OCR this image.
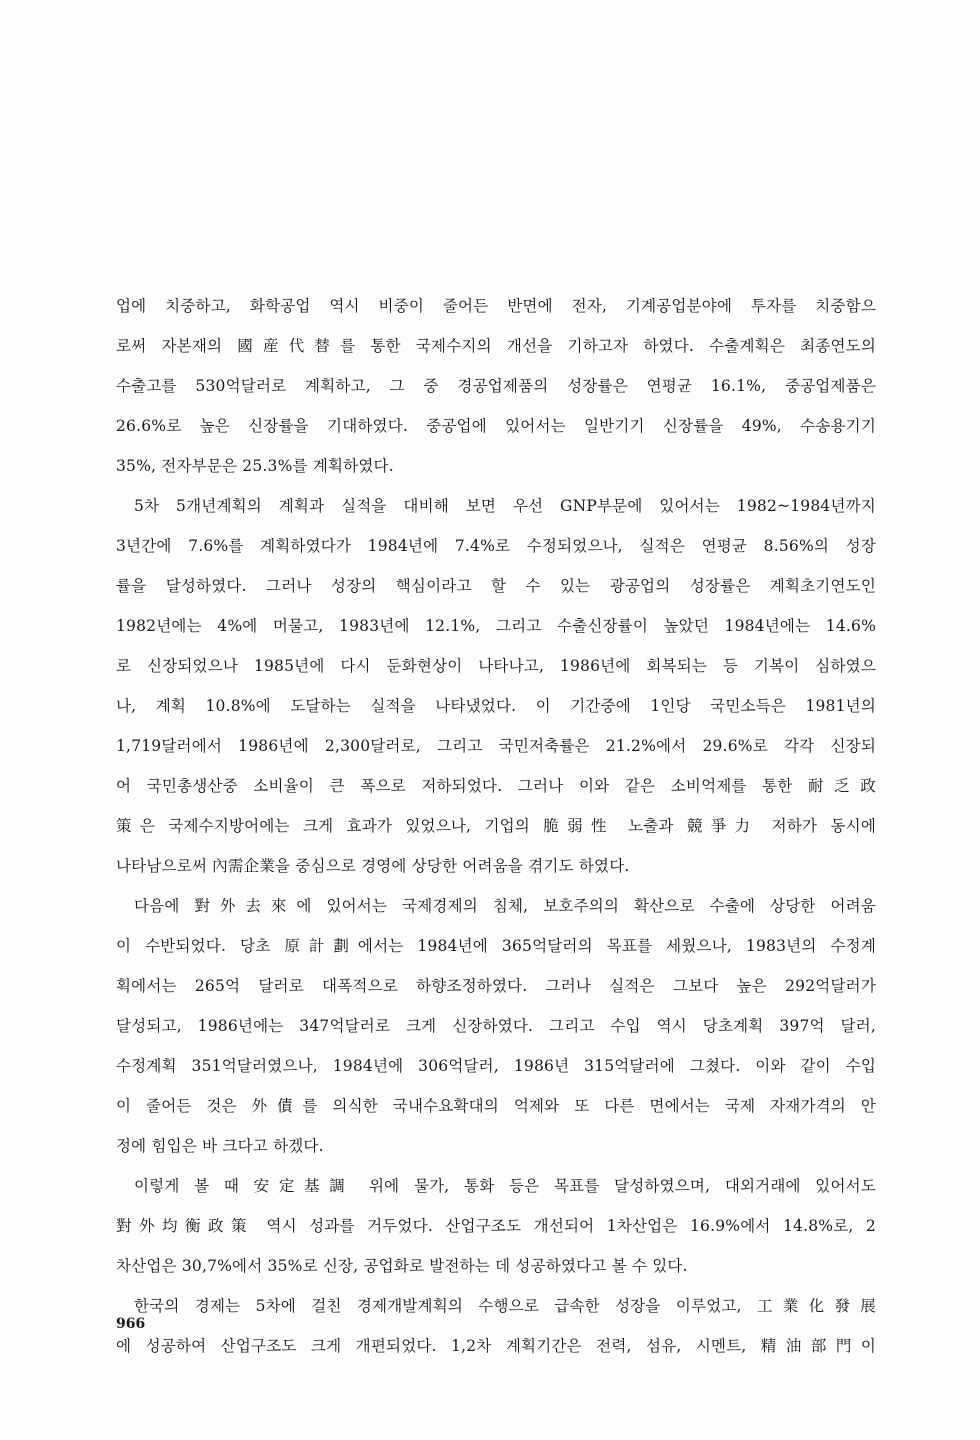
업에 치중하고, 화학공업 역시 비중이 줄어든 반면에 전자, 기계공업분야에 투자를 치중함으
로써 자본재의 國産代替를 통한 국제수지의 개선을 기하고자 하였다. 수출계획은 최종연도의
수출고를 530억달러로 계획하고, 그 중 경공업제품의 성장률은 연평균 16.1%, 중공업제품은
26.6%로 높은 신장률을 기대하였다. 중공업에 있어서는 일반기기 신장률을 49%, 수송용기기
35%, 전자부문은 25.3%를 계획하였다.
5차 5개년계획의 계획과 실적을 대비해 보면 우선 GNP부문에 있어서는 1982~1984년까지
3년간에 7.6%를 계획하였다가 1984년에 7.4%로 수정되었으나, 실적은 연평균 8.56%의 성장
률을 달성하였다. 그러나 성장의 핵심이라고 할 수 있는 광공업의 성장률은 계획초기연도인
1982년에는 4%에 머물고, 1983년에 12.1%, 그리고 수출신장률이 높았던 1984년에는 14.6%
로 신장되었으나 1985년에 다시 둔화현상이 나타나고, 1986년에 회복되는 등 기복이 심하였으
나, 계획 10.8%에 도달하는 실적을 나타냈었다. 이 기간중에 1인당 국민소득은 1981년의
1,719달러에서 1986년에 2,300달러로, 그리고 국민저축률은 21.2%에서 29.6%로 각각 신장되
어 국민총생산중 소비율이 큰 폭으로 저하되었다. 그러나 이와 같은 소비억제를 통한 耐乏政
策은 국제수지방어에는 크게 효과가 있었으나, 기업의 脆弱性 노출과 競爭力 저하가 동시에
나타남으로써 內需企業을 중심으로 경영에 상당한 어려움을 겪기도 하였다.
다음에 對外去來에 있어서는 국제경제의 침체, 보호주의의 확산으로 수출에 상당한 어려움
이 수반되었다. 당초 原計劃에서는 1984년에 365억달러의 목표를 세웠으나, 1983년의 수정계
획에서는 265억 달러로 대폭적으로 하향조정하였다. 그러나 실적은 그보다 높은 292억달러가
달성되고, 1986년에는 347억달러로 크게 신장하였다. 그리고 수입 역시 당초계획 397억 달러,
수정계획 351억달러였으나, 1984년에 306억달러, 1986년 315억달러에 그쳤다. 이와 같이 수입
이 줄어든 것은 外債를 의식한 국내수요확대의 억제와 또 다른 면에서는 국제 자재가격의 안
정에 힘입은 바 크다고 하겠다.
이렇게 볼 때 安定基調 위에 물가, 통화 등은 목표를 달성하였으며, 대외거래에 있어서도
對外均衡政策 역시 성과를 거두었다. 산업구조도 개선되어 1차산업은 16.9%에서 14.8%로, 2
차산업은 30,7%에서 35%로 신장, 공업화로 발전하는 데 성공하였다고 볼 수 있다.
한국의 경제는 5차에 걸친 경제개발계획의 수행으로 급속한 성장을 이루었고, 工業化發展
에 성공하여 산업구조도 크게 개편되었다. 1,2차 계획기간은 전력, 섬유, 시멘트, 精油部門이
966
